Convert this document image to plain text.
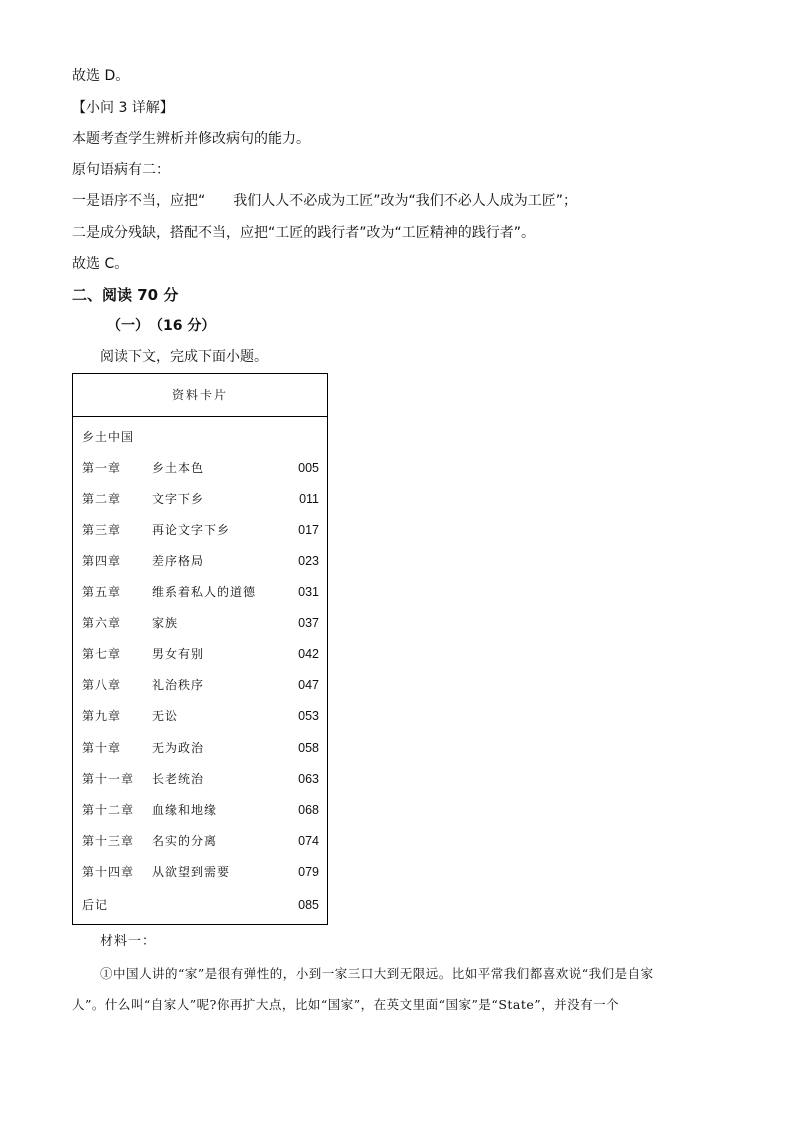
故选 D。
【小问 3 详解】
本题考查学生辨析并修改病句的能力。
原句语病有二：
一是语序不当，应把“　　我们人人不必成为工匠”改为“我们不必人人成为工匠”；
二是成分残缺，搭配不当，应把“工匠的践行者”改为“工匠精神的践行者”。
故选 C。
二、阅读 70 分
（一）　（16 分）
阅读下文，完成下面小题。
资料卡片
乡土中国
第一章	乡土本色	005
第二章	文字下乡	011
第三章	再论文字下乡	017
第四章	差序格局	023
第五章	维系着私人的道德	031
第六章	家族	037
第七章	男女有别	042
第八章	礼治秩序	047
第九章	无讼	053
第十章	无为政治	058
第十一章 长老统治	063
第十二章 血缘和地缘	068
第十三章 名实的分离	074
第十四章 从欲望到需要	079
后记	085
材料一：
①中国人讲的“家”是很有弹性的，小到一家三口大到无限远。比如平常我们都喜欢说“我们是自家
人”。什么叫“自家人”呢?你再扩大点，比如“国家”，在英文里面“国家”是“State”，并没有一个
